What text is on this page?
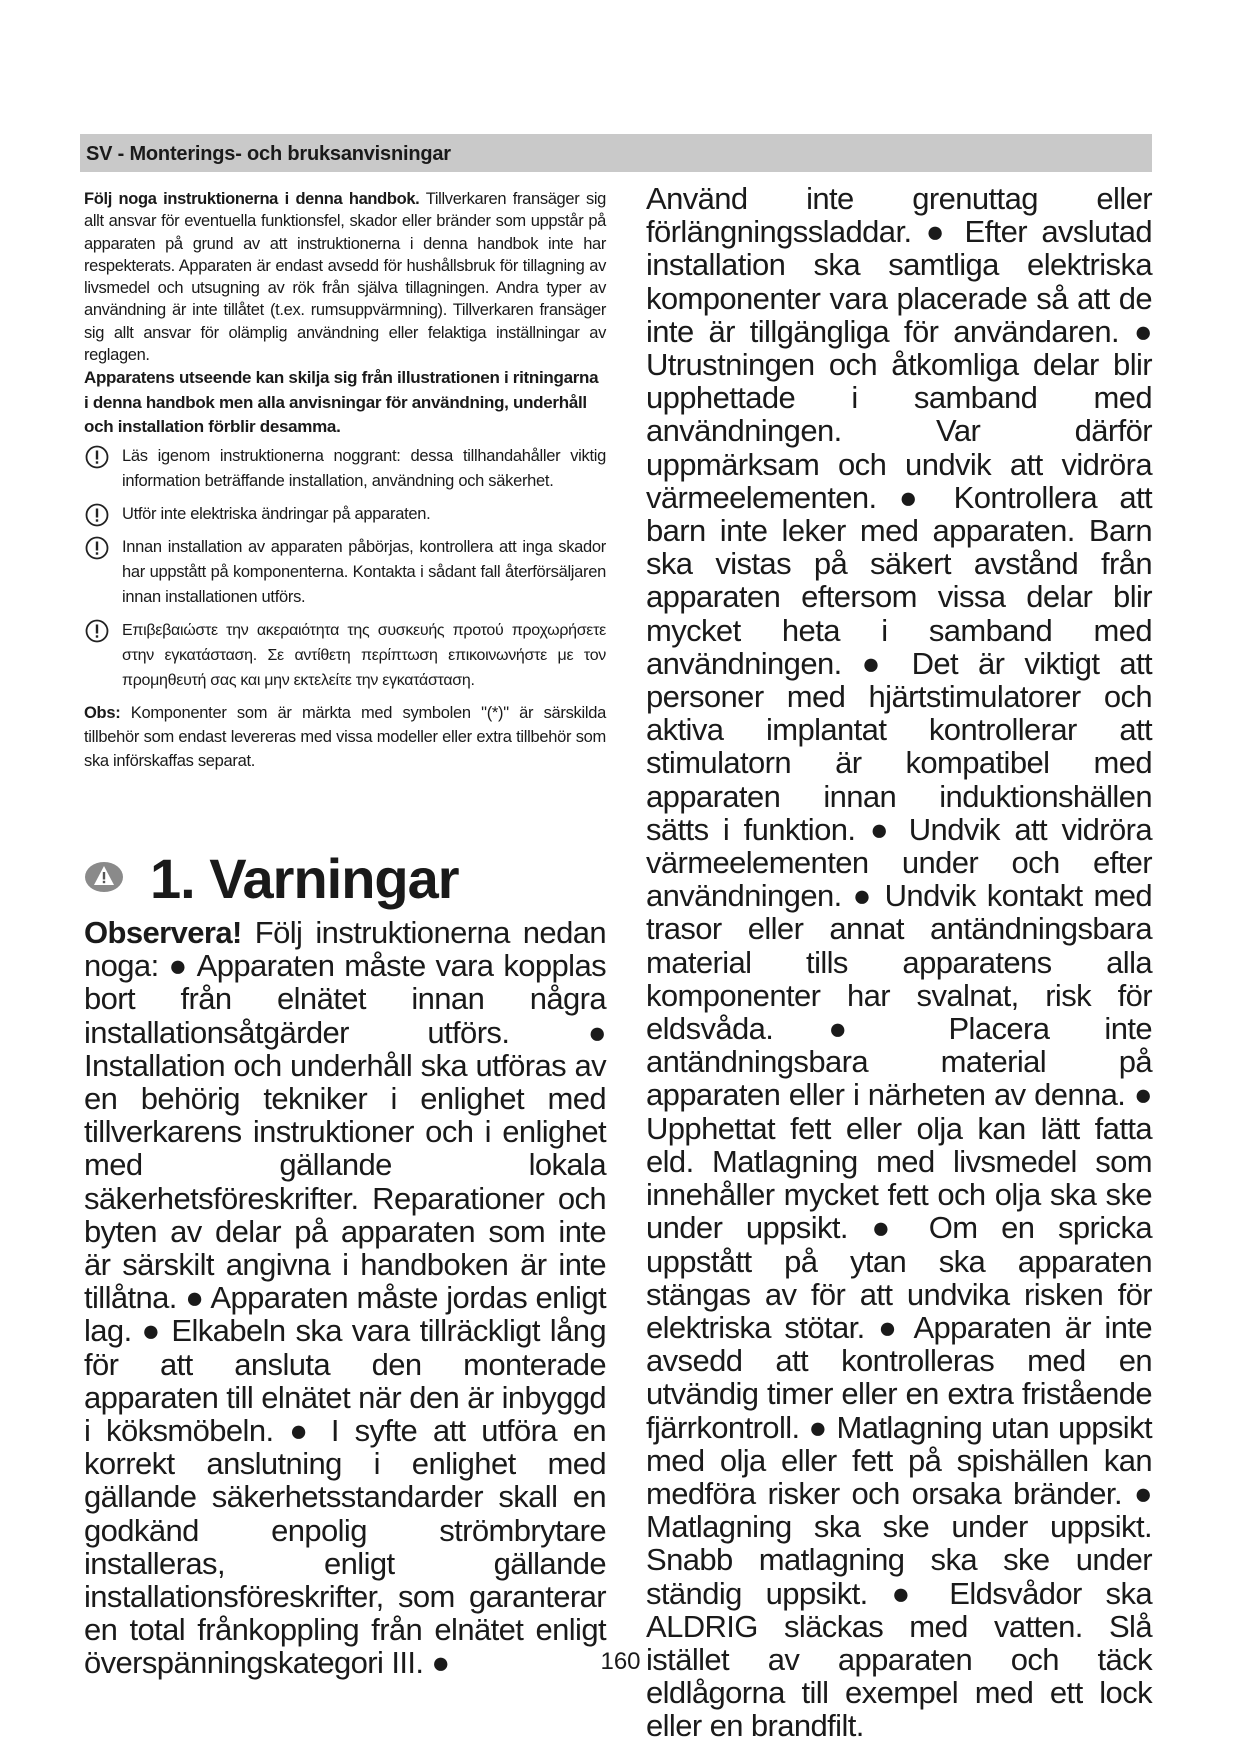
SV - Monterings- och bruksanvisningar

Följ noga instruktionerna i denna handbok. Tillverkaren fransäger sig allt ansvar för eventuella funktionsfel, skador eller bränder som uppstår på apparaten på grund av att instruktionerna i denna handbok inte har respekterats. Apparaten är endast avsedd för hushållsbruk för tillagning av livsmedel och utsugning av rök från själva tillagningen. Andra typer av användning är inte tillåtet (t.ex. rumsuppvärmning). Tillverkaren fransäger sig allt ansvar för olämplig användning eller felaktiga inställningar av reglagen.

Apparatens utseende kan skilja sig från illustrationen i ritningarna i denna handbok men alla anvisningar för användning, underhåll och installation förblir desamma.

Läs igenom instruktionerna noggrant: dessa tillhandahåller viktig information beträffande installation, användning och säkerhet.
Utför inte elektriska ändringar på apparaten.
Innan installation av apparaten påbörjas, kontrollera att inga skador har uppstått på komponenterna. Kontakta i sådant fall återförsäljaren innan installationen utförs.
Επιβεβαιώστε την ακεραιότητα της συσκευής προτού προχωρήσετε στην εγκατάσταση. Σε αντίθετη περίπτωση επικοινωνήστε με τον προμηθευτή σας και μην εκτελείτε την εγκατάσταση.

Obs: Komponenter som är märkta med symbolen "(*)" är särskilda tillbehör som endast levereras med vissa modeller eller extra tillbehör som ska införskaffas separat.

1. Varningar

Observera! Följ instruktionerna nedan noga: ● Apparaten måste vara kopplas bort från elnätet innan några installationsåtgärder utförs. ● Installation och underhåll ska utföras av en behörig tekniker i enlighet med tillverkarens instruktioner och i enlighet med gällande lokala säkerhetsföreskrifter. Reparationer och byten av delar på apparaten som inte är särskilt angivna i handboken är inte tillåtna. ● Apparaten måste jordas enligt lag. ● Elkabeln ska vara tillräckligt lång för att ansluta den monterade apparaten till elnätet när den är inbyggd i köksmöbeln. ● I syfte att utföra en korrekt anslutning i enlighet med gällande säkerhetsstandarder skall en godkänd enpolig strömbrytare installeras, enligt gällande installationsföreskrifter, som garanterar en total frånkoppling från elnätet enligt överspänningskategori III. ●

Använd inte grenuttag eller förlängningssladdar. ● Efter avslutad installation ska samtliga elektriska komponenter vara placerade så att de inte är tillgängliga för användaren. ● Utrustningen och åtkomliga delar blir upphettade i samband med användningen. Var därför uppmärksam och undvik att vidröra värmeelementen. ● Kontrollera att barn inte leker med apparaten. Barn ska vistas på säkert avstånd från apparaten eftersom vissa delar blir mycket heta i samband med användningen. ● Det är viktigt att personer med hjärtstimulatorer och aktiva implantat kontrollerar att stimulatorn är kompatibel med apparaten innan induktionshällen sätts i funktion. ● Undvik att vidröra värmeelementen under och efter användningen. ● Undvik kontakt med trasor eller annat antändningsbara material tills apparatens alla komponenter har svalnat, risk för eldsvåda. ● Placera inte antändningsbara material på apparaten eller i närheten av denna. ● Upphettat fett eller olja kan lätt fatta eld. Matlagning med livsmedel som innehåller mycket fett och olja ska ske under uppsikt. ● Om en spricka uppstått på ytan ska apparaten stängas av för att undvika risken för elektriska stötar. ● Apparaten är inte avsedd att kontrolleras med en utvändig timer eller en extra fristående fjärrkontroll. ● Matlagning utan uppsikt med olja eller fett på spishällen kan medföra risker och orsaka bränder. ● Matlagning ska ske under uppsikt. Snabb matlagning ska ske under ständig uppsikt. ● Eldsvådor ska ALDRIG släckas med vatten. Slå istället av apparaten och täck eldlågorna till exempel med ett lock eller en brandfilt.

160
